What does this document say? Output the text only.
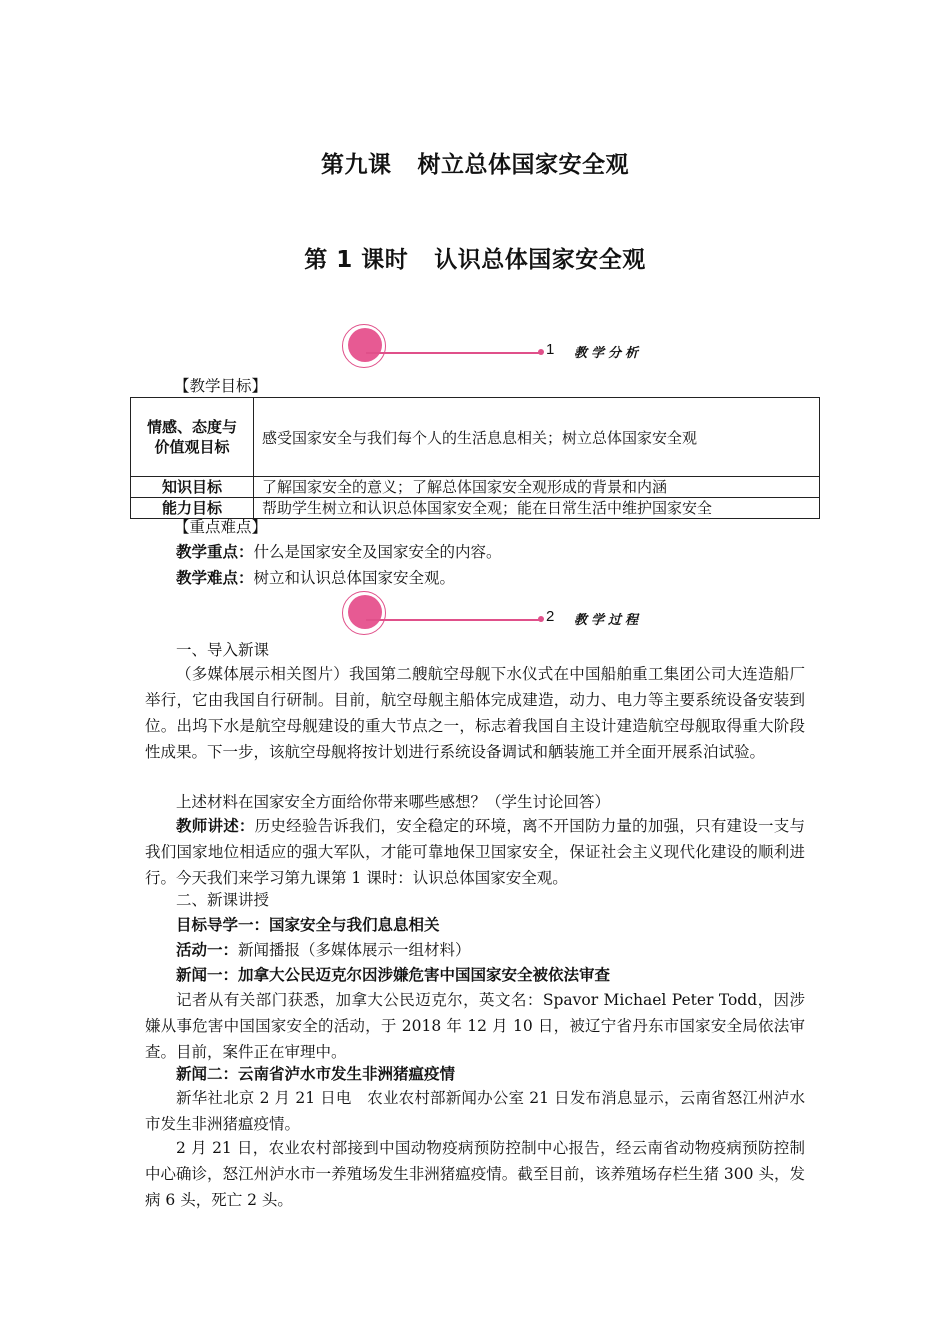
第九课 树立总体国家安全观
第 1 课时 认识总体国家安全观
1 教学分析
【教学目标】
情感、态度与
价值观目标	感受国家安全与我们每个人的生活息息相关；树立总体国家安全观
知识目标	了解国家安全的意义；了解总体国家安全观形成的背景和内涵
能力目标	帮助学生树立和认识总体国家安全观；能在日常生活中维护国家安全
【重点难点】
教学重点：什么是国家安全及国家安全的内容。
教学难点：树立和认识总体国家安全观。
2 教学过程
一、导入新课
（多媒体展示相关图片）我国第二艘航空母舰下水仪式在中国船舶重工集团公司大连造船厂举行，它由我国自行研制。目前，航空母舰主船体完成建造，动力、电力等主要系统设备安装到位。出坞下水是航空母舰建设的重大节点之一，标志着我国自主设计建造航空母舰取得重大阶段性成果。下一步，该航空母舰将按计划进行系统设备调试和舾装施工并全面开展系泊试验。
上述材料在国家安全方面给你带来哪些感想？（学生讨论回答）
教师讲述：历史经验告诉我们，安全稳定的环境，离不开国防力量的加强，只有建设一支与我们国家地位相适应的强大军队，才能可靠地保卫国家安全，保证社会主义现代化建设的顺利进行。今天我们来学习第九课第 1 课时：认识总体国家安全观。
二、新课讲授
目标导学一：国家安全与我们息息相关
活动一：新闻播报（多媒体展示一组材料）
新闻一：加拿大公民迈克尔因涉嫌危害中国国家安全被依法审查
记者从有关部门获悉，加拿大公民迈克尔，英文名：Spavor Michael Peter Todd，因涉嫌从事危害中国国家安全的活动，于 2018 年 12 月 10 日，被辽宁省丹东市国家安全局依法审查。目前，案件正在审理中。
新闻二：云南省泸水市发生非洲猪瘟疫情
新华社北京 2 月 21 日电　农业农村部新闻办公室 21 日发布消息显示，云南省怒江州泸水市发生非洲猪瘟疫情。
2 月 21 日，农业农村部接到中国动物疫病预防控制中心报告，经云南省动物疫病预防控制中心确诊，怒江州泸水市一养殖场发生非洲猪瘟疫情。截至目前，该养殖场存栏生猪 300 头，发病 6 头，死亡 2 头。
